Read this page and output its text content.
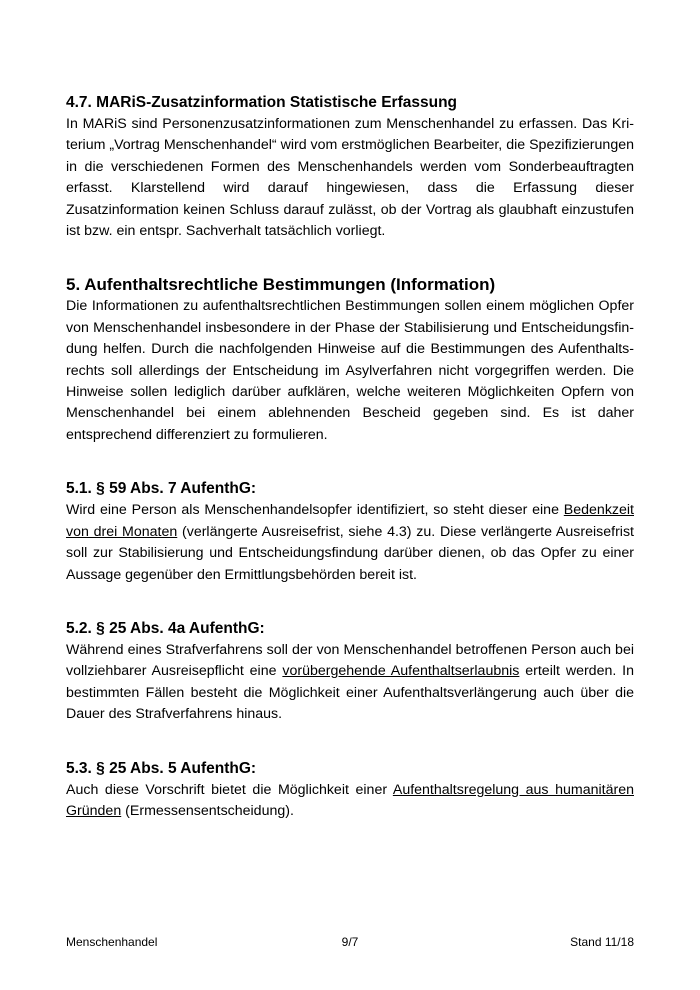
4.7. MARiS-Zusatzinformation Statistische Erfassung

In MARiS sind Personenzusatzinformationen zum Menschenhandel zu erfassen. Das Kriterium „Vortrag Menschenhandel“ wird vom erstmöglichen Bearbeiter, die Spezifizierungen in die verschiedenen Formen des Menschenhandels werden vom Sonderbeauftragten erfasst. Klarstellend wird darauf hingewiesen, dass die Erfassung dieser Zusatzinformation keinen Schluss darauf zulässt, ob der Vortrag als glaubhaft einzustufen ist bzw. ein entspr. Sachverhalt tatsächlich vorliegt.

5. Aufenthaltsrechtliche Bestimmungen (Information)

Die Informationen zu aufenthaltsrechtlichen Bestimmungen sollen einem möglichen Opfer von Menschenhandel insbesondere in der Phase der Stabilisierung und Entscheidungsfindung helfen. Durch die nachfolgenden Hinweise auf die Bestimmungen des Aufenthaltsrechts soll allerdings der Entscheidung im Asylverfahren nicht vorgegriffen werden. Die Hinweise sollen lediglich darüber aufklären, welche weiteren Möglichkeiten Opfern von Menschenhandel bei einem ablehnenden Bescheid gegeben sind. Es ist daher entsprechend differenziert zu formulieren.

5.1. § 59 Abs. 7 AufenthG:

Wird eine Person als Menschenhandelsopfer identifiziert, so steht dieser eine Bedenkzeit von drei Monaten (verlängerte Ausreisefrist, siehe 4.3) zu. Diese verlängerte Ausreisefrist soll zur Stabilisierung und Entscheidungsfindung darüber dienen, ob das Opfer zu einer Aussage gegenüber den Ermittlungsbehörden bereit ist.

5.2. § 25 Abs. 4a AufenthG:

Während eines Strafverfahrens soll der von Menschenhandel betroffenen Person auch bei vollziehbarer Ausreisepflicht eine vorübergehende Aufenthaltserlaubnis erteilt werden. In bestimmten Fällen besteht die Möglichkeit einer Aufenthaltsverlängerung auch über die Dauer des Strafverfahrens hinaus.

5.3. § 25 Abs. 5 AufenthG:

Auch diese Vorschrift bietet die Möglichkeit einer Aufenthaltsregelung aus humanitären Gründen (Ermessensentscheidung).

Menschenhandel	9/7	Stand 11/18
